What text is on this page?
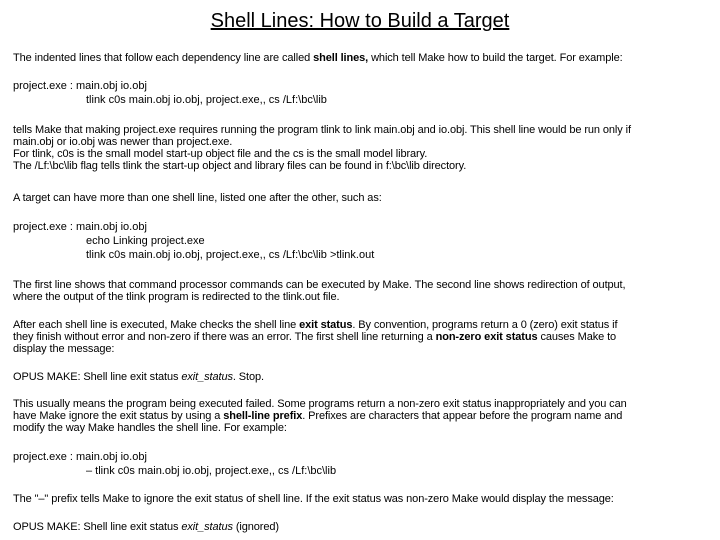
Shell Lines: How to Build a Target
The indented lines that follow each dependency line are called shell lines, which tell Make how to build the target. For example:
project.exe : main.obj io.obj
tlink c0s main.obj io.obj, project.exe,, cs /Lf:\bc\lib
tells Make that making project.exe requires running the program tlink to link main.obj and io.obj. This shell line would be run only if
main.obj or io.obj was newer than project.exe.
For tlink, c0s is the small model start-up object file and the cs is the small model library.
The /Lf:\bc\lib flag tells tlink the start-up object and library files can be found in f:\bc\lib directory.
A target can have more than one shell line, listed one after the other, such as:
project.exe : main.obj io.obj
echo Linking project.exe
tlink c0s main.obj io.obj, project.exe,, cs /Lf:\bc\lib >tlink.out
The first line shows that command processor commands can be executed by Make. The second line shows redirection of output,
where the output of the tlink program is redirected to the tlink.out file.
After each shell line is executed, Make checks the shell line exit status. By convention, programs return a 0 (zero) exit status if
they finish without error and non-zero if there was an error. The first shell line returning a non-zero exit status causes Make to
display the message:
OPUS MAKE: Shell line exit status exit_status. Stop.
This usually means the program being executed failed. Some programs return a non-zero exit status inappropriately and you can
have Make ignore the exit status by using a shell-line prefix. Prefixes are characters that appear before the program name and
modify the way Make handles the shell line. For example:
project.exe : main.obj io.obj
– tlink c0s main.obj io.obj, project.exe,, cs /Lf:\bc\lib
The "–" prefix tells Make to ignore the exit status of shell line. If the exit status was non-zero Make would display the message:
OPUS MAKE: Shell line exit status exit_status (ignored)
